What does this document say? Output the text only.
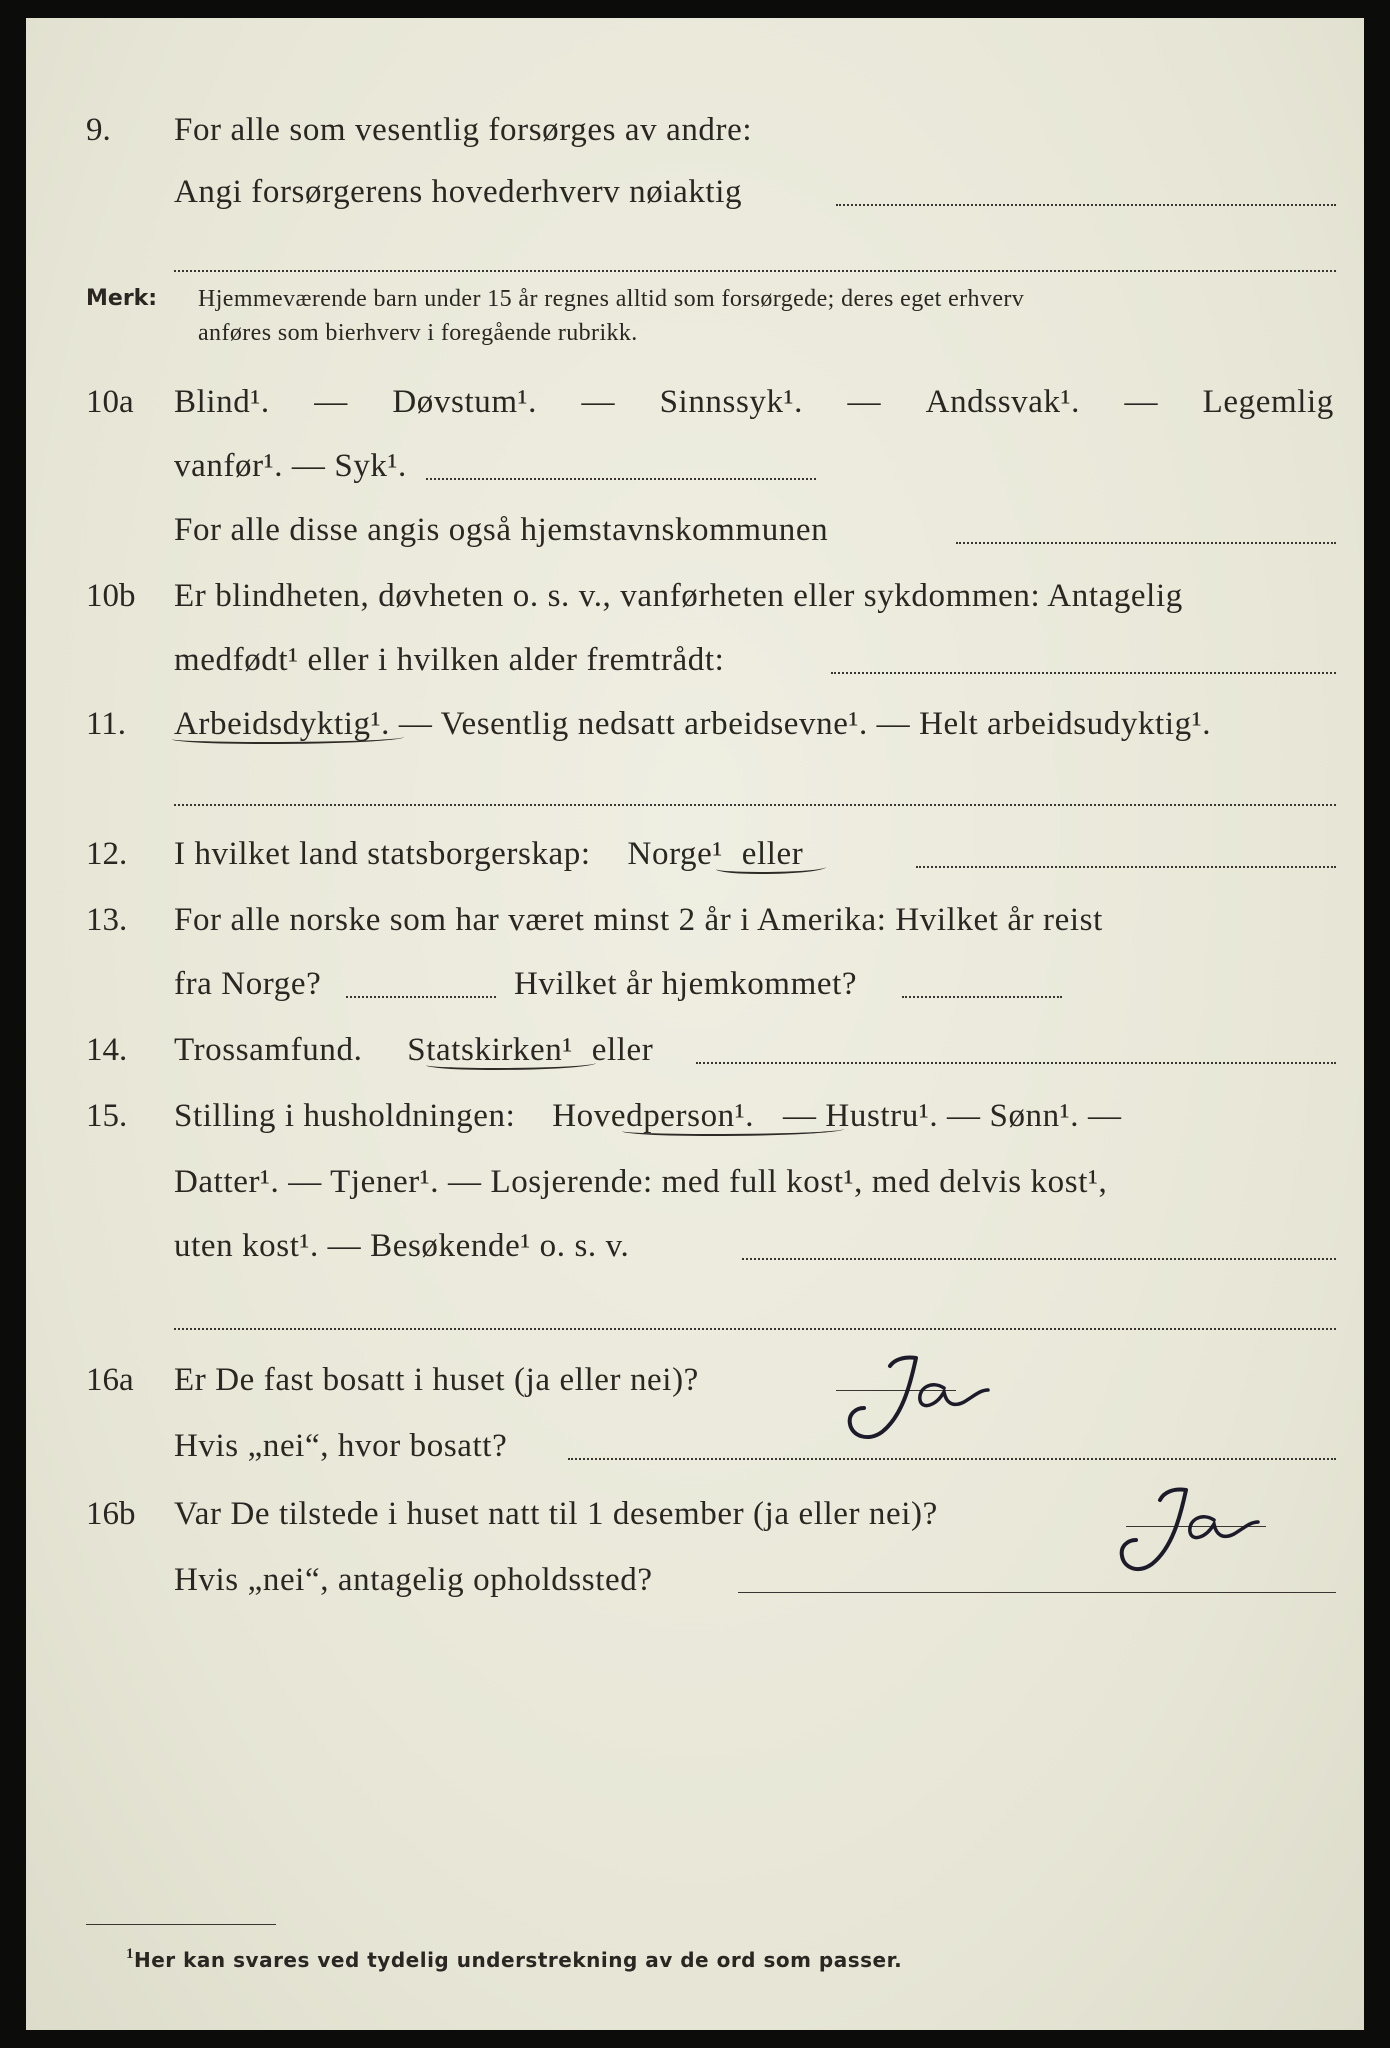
9. For alle som vesentlig forsørges av andre:
Angi forsørgerens hovederhverv nøiaktig
Merk: Hjemmeværende barn under 15 år regnes alltid som forsørgede; deres eget erhverv
anføres som bierhverv i foregående rubrikk.
10a Blind¹. — Døvstum¹. — Sinnssyk¹. — Andssvak¹. — Legemlig
vanfør¹. — Syk¹.
For alle disse angis også hjemstavnskommunen
10b Er blindheten, døvheten o. s. v., vanførheten eller sykdommen: Antagelig
medfødt¹ eller i hvilken alder fremtrådt:
11. Arbeidsdyktig¹. — Vesentlig nedsatt arbeidsevne¹. — Helt arbeidsudyktig¹.
12. I hvilket land statsborgerskap: Norge¹ eller
13. For alle norske som har været minst 2 år i Amerika: Hvilket år reist
fra Norge?	Hvilket år hjemkommet?
14. Trossamfund. Statskirken¹ eller
15. Stilling i husholdningen: Hovedperson¹. — Hustru¹. — Sønn¹. —
Datter¹. — Tjener¹. — Losjerende: med full kost¹, med delvis kost¹,
uten kost¹. — Besøkende¹ o. s. v.
16a Er De fast bosatt i huset (ja eller nei)?
Hvis „nei“, hvor bosatt?
16b Var De tilstede i huset natt til 1 desember (ja eller nei)?
Hvis „nei“, antagelig opholdssted?
1 Her kan svares ved tydelig understrekning av de ord som passer.
